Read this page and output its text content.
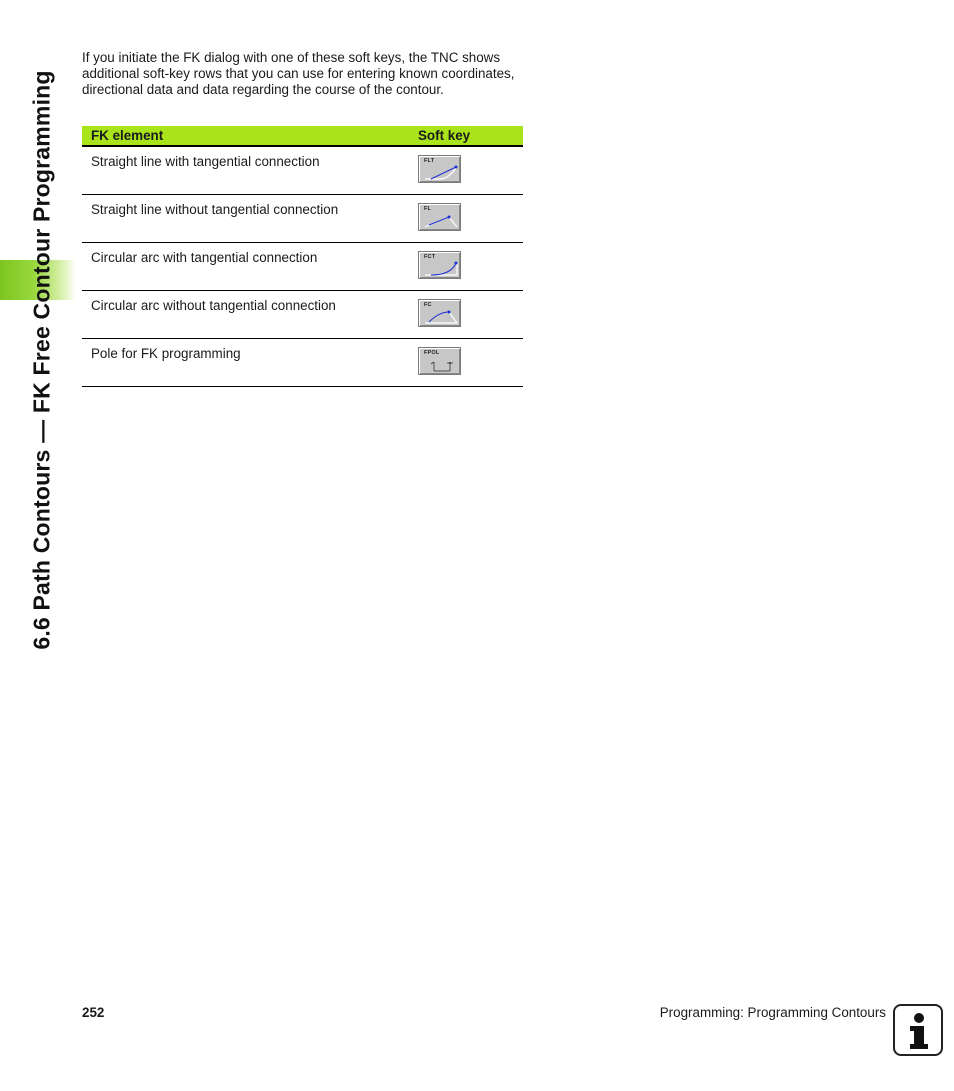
6.6 Path Contours — FK Free Contour Programming

If you initiate the FK dialog with one of these soft keys, the TNC shows additional soft-key rows that you can use for entering known coordinates, directional data and data regarding the course of the contour.

FK element	Soft key
Straight line with tangential connection	FLT
Straight line without tangential connection	FL
Circular arc with tangential connection	FCT
Circular arc without tangential connection	FC
Pole for FK programming	FPOL
252	Programming: Programming Contours
